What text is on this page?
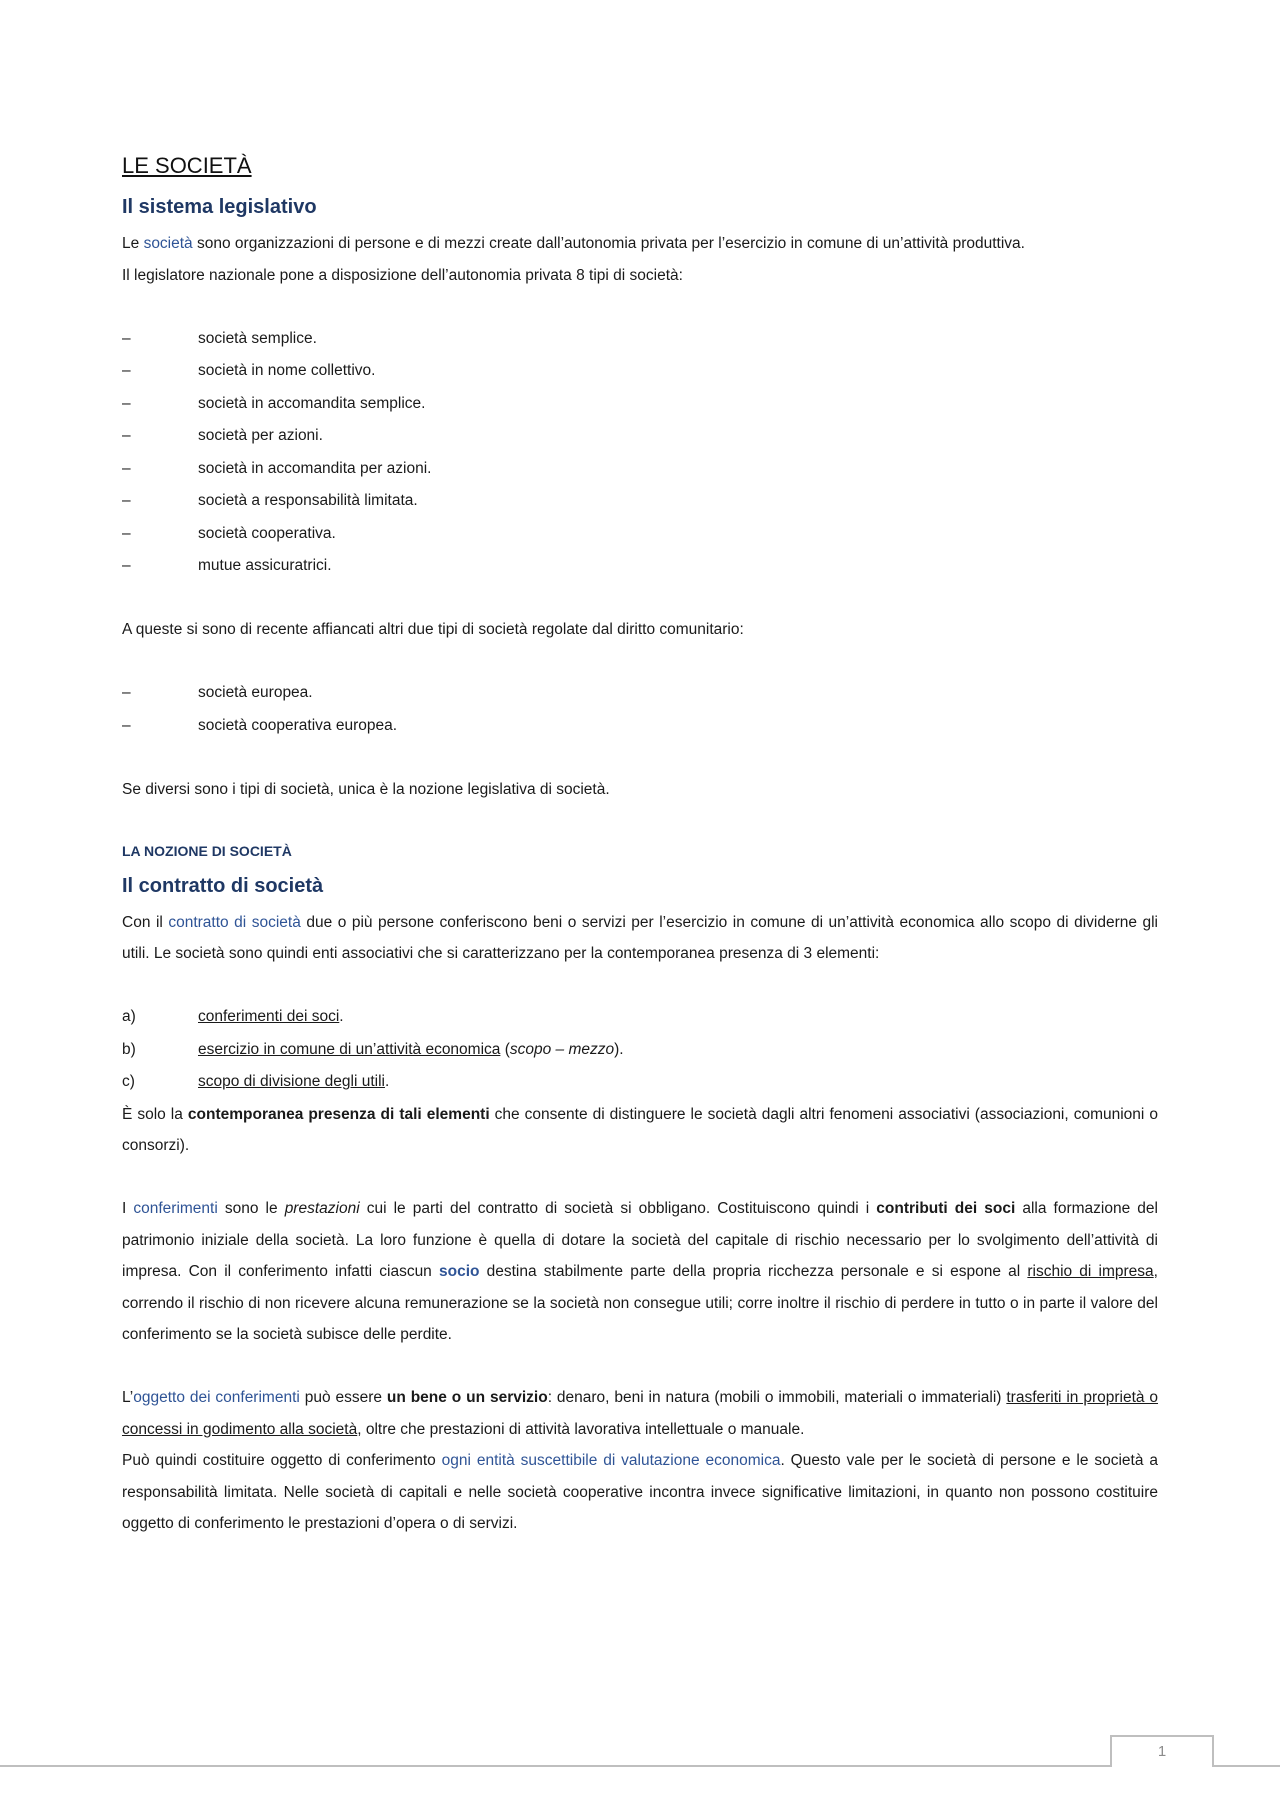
LE SOCIETÀ
Il sistema legislativo

Le società sono organizzazioni di persone e di mezzi create dall’autonomia privata per l’esercizio in comune di un’attività produttiva.

Il legislatore nazionale pone a disposizione dell’autonomia privata 8 tipi di società:

–	società semplice.
–	società in nome collettivo.
–	società in accomandita semplice.
–	società per azioni.
–	società in accomandita per azioni.
–	società a responsabilità limitata.
–	società cooperativa.
–	mutue assicuratrici.

A queste si sono di recente affiancati altri due tipi di società regolate dal diritto comunitario:

–	società europea.
–	società cooperativa europea.

Se diversi sono i tipi di società, unica è la nozione legislativa di società.

LA NOZIONE DI SOCIETÀ
Il contratto di società

Con il contratto di società due o più persone conferiscono beni o servizi per l’esercizio in comune di un’attività economica allo scopo di dividerne gli utili. Le società sono quindi enti associativi che si caratterizzano per la contemporanea presenza di 3 elementi:

a)	conferimenti dei soci.
b)	esercizio in comune di un’attività economica (scopo – mezzo).
c)	scopo di divisione degli utili.

È solo la contemporanea presenza di tali elementi che consente di distinguere le società dagli altri fenomeni associativi (associazioni, comunioni o consorzi).

I conferimenti sono le prestazioni cui le parti del contratto di società si obbligano. Costituiscono quindi i contributi dei soci alla formazione del patrimonio iniziale della società. La loro funzione è quella di dotare la società del capitale di rischio necessario per lo svolgimento dell’attività di impresa. Con il conferimento infatti ciascun socio destina stabilmente parte della propria ricchezza personale e si espone al rischio di impresa, correndo il rischio di non ricevere alcuna remunerazione se la società non consegue utili; corre inoltre il rischio di perdere in tutto o in parte il valore del conferimento se la società subisce delle perdite.

L’oggetto dei conferimenti può essere un bene o un servizio: denaro, beni in natura (mobili o immobili, materiali o immateriali) trasferiti in proprietà o concessi in godimento alla società, oltre che prestazioni di attività lavorativa intellettuale o manuale.

Può quindi costituire oggetto di conferimento ogni entità suscettibile di valutazione economica. Questo vale per le società di persone e le società a responsabilità limitata. Nelle società di capitali e nelle società cooperative incontra invece significative limitazioni, in quanto non possono costituire oggetto di conferimento le prestazioni d’opera o di servizi.

1
